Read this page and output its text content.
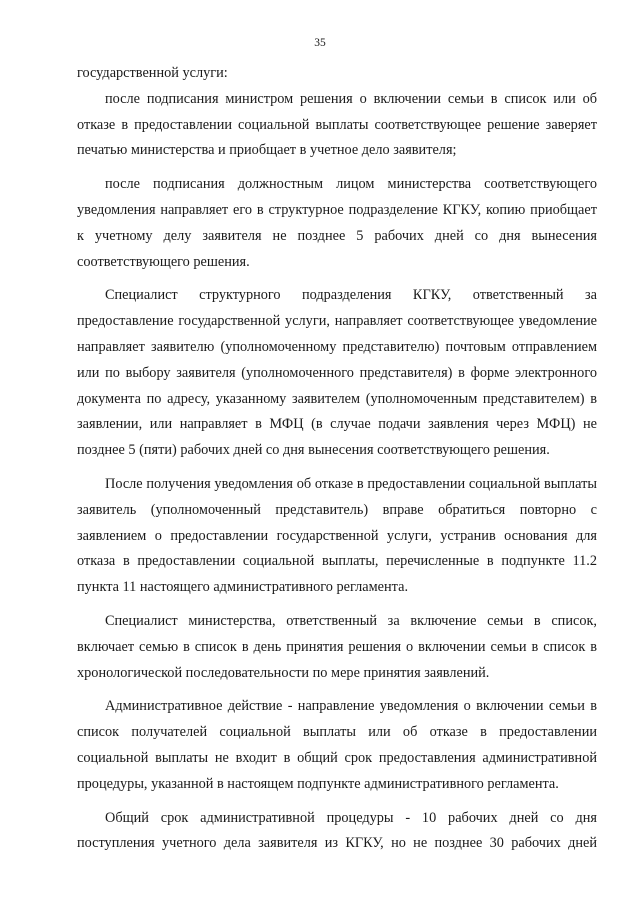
35

государственной услуги:

после подписания министром решения о включении семьи в список или об отказе в предоставлении социальной выплаты соответствующее решение заверяет печатью министерства и приобщает в учетное дело заявителя;

после подписания должностным лицом министерства соответствующего уведомления направляет его в структурное подразделение КГКУ, копию приобщает к учетному делу заявителя не позднее 5 рабочих дней со дня вынесения соответствующего решения.

Специалист структурного подразделения КГКУ, ответственный за предоставление государственной услуги, направляет соответствующее уведомление направляет заявителю (уполномоченному представителю) почтовым отправлением или по выбору заявителя (уполномоченного представителя) в форме электронного документа по адресу, указанному заявителем (уполномоченным представителем) в заявлении, или направляет в МФЦ (в случае подачи заявления через МФЦ) не позднее 5 (пяти) рабочих дней со дня вынесения соответствующего решения.

После получения уведомления об отказе в предоставлении социальной выплаты заявитель (уполномоченный представитель) вправе обратиться повторно с заявлением о предоставлении государственной услуги, устранив основания для отказа в предоставлении социальной выплаты, перечисленные в подпункте 11.2 пункта 11 настоящего административного регламента.

Специалист министерства, ответственный за включение семьи в список, включает семью в список в день принятия решения о включении семьи в список в хронологической последовательности по мере принятия заявлений.

Административное действие - направление уведомления о включении семьи в список получателей социальной выплаты или об отказе в предоставлении социальной выплаты не входит в общий срок предоставления административной процедуры, указанной в настоящем подпункте административного регламента.

Общий срок административной процедуры - 10 рабочих дней со дня поступления учетного дела заявителя из КГКУ, но не позднее 30 рабочих дней
